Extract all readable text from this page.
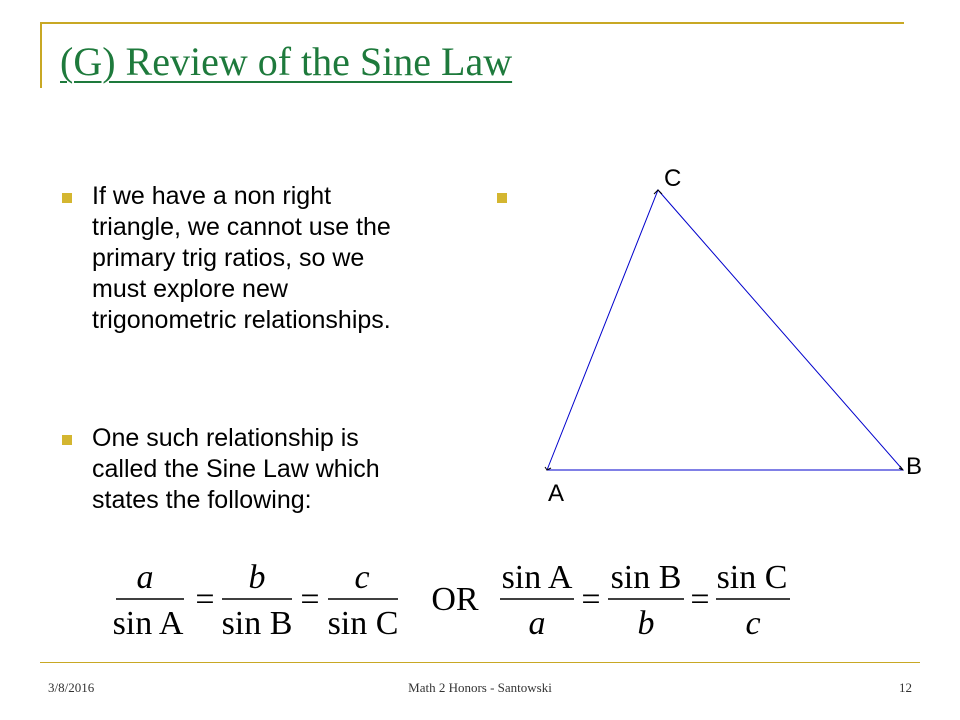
(G) Review of the Sine Law
If we have a non right
triangle, we cannot use the
primary trig ratios, so we
must explore new
trigonometric relationships.
One such relationship is
called the Sine Law which
states the following:
C
A
B
a
sin A
=
b
sin B
=
c
sin C
OR
sin A
a
=
sin B
b
=
sin C
c
3/8/2016	Math 2 Honors - Santowski	12
